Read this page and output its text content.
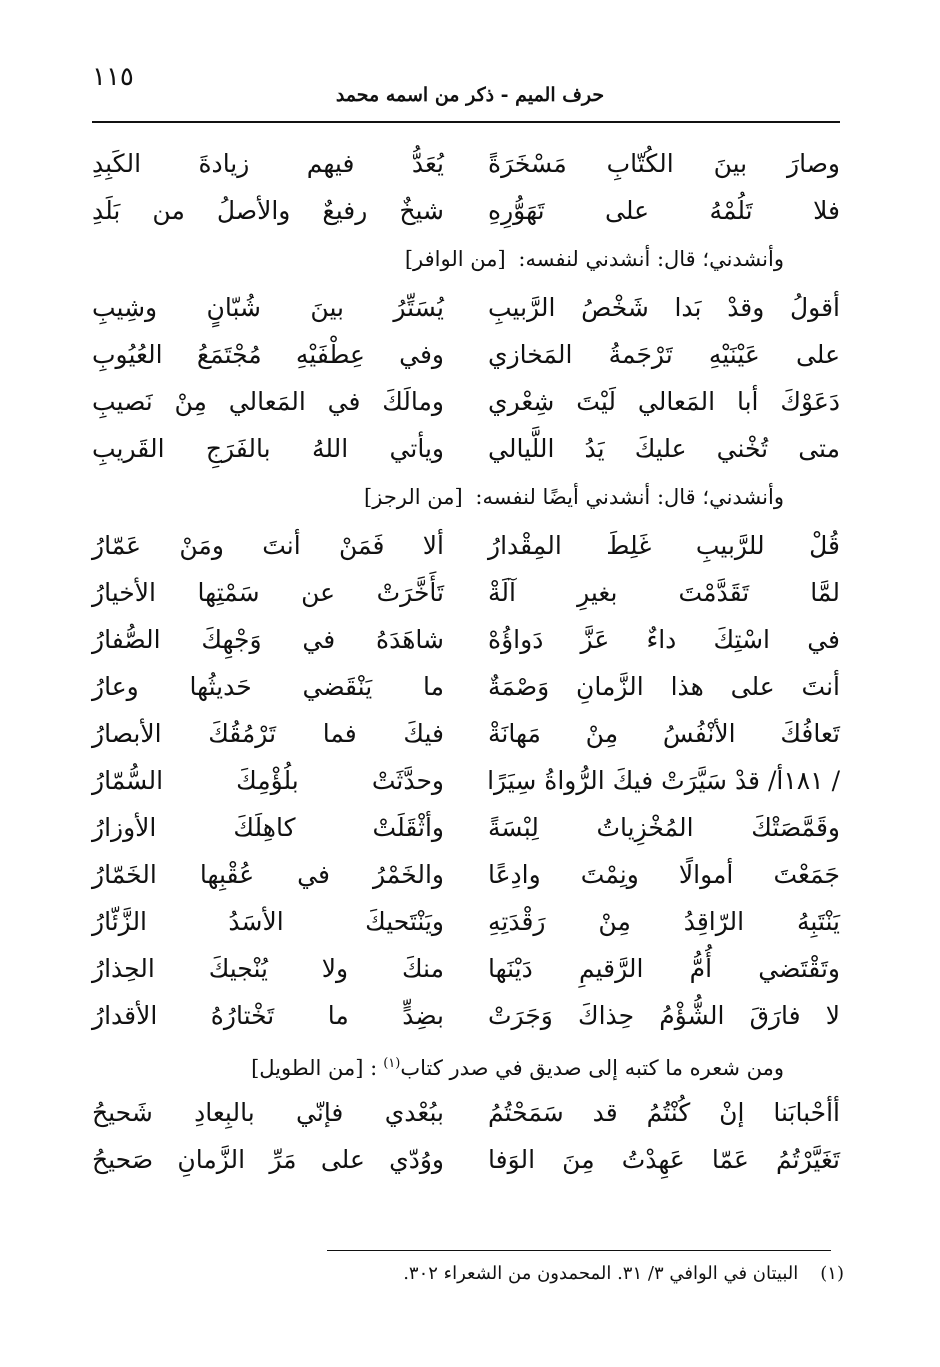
١١٥
حرف الميم - ذكر من اسمه محمد
وصارَ بينَ الكُتّابِ مَسْخَرَةً
يُعَدُّ فيهم زيادةَ الكَبِدِ
فلا تَلُمْهُ على تَهَوُّرِهِ
شيخٌ رفيعٌ والأصلُ من بَلَدِ
وأنشدني؛ قال: أنشدني لنفسه: [من الوافر]
أقولُ وقدْ بَدا شَخْصُ الرَّبيبِ
يُسَتِّرُ بينَ شُبّانٍ وشِيبِ
على عَيْنَيْهِ تَرْجَمةُ المَخازي
وفي عِطْفَيْهِ مُجْتَمَعُ العُيُوبِ
دَعَوْكَ أبا المَعالي لَيْتَ شِعْري
ومالَكَ في المَعالي مِنْ نَصيبِ
متى تُخْني عليكَ يَدُ اللَّيالي
ويأتي اللهُ بالفَرَجِ القَريبِ
وأنشدني؛ قال: أنشدني أيضًا لنفسه: [من الرجز]
قُلْ للرَّبيبِ غَلِطَ المِقْدارُ
ألا فَمَنْ أنتَ ومَنْ عَمّارُ
لمَّا تَقَدَّمْتَ بغيرِ آلَةْ
تَأَخَّرَتْ عن سَمْتِها الأخيارُ
في اسْتِكَ داءٌ عَزَّ دَواؤُهْ
شاهَدَهُ في وَجْهِكَ الصُّفارُ
أنتَ على هذا الزَّمانِ وَصْمَةٌ
ما يَنْقَضي حَديثُها وعارُ
تَعافُكَ الأنْفُسُ مِنْ مَهانَةْ
فيكَ فما تَرْمُقُكَ الأبصارُ
/ ١٨١أ/ قدْ سَيَّرَتْ فيكَ الرُّواةُ سِيَرًا
وحدَّثَتْ بلُؤْمِكَ السُّمّارُ
وقَمَّصَتْكَ المُخْزِياتُ لِبْسَةً
وأثْقَلَتْ كاهِلَكَ الأوزارُ
جَمَعْتَ أموالًا ونِمْتَ وادِعًا
والخَمْرُ في عُقْبِها الخَمّارُ
يَنْتَبِهُ الرّاقِدُ مِنْ رَقْدَتِهِ
ويَنْتَحيكَ الأسَدُ الزَّئّارُ
وتَقْتَضي أُمُّ الرَّقيمِ دَيْنَها
منكَ ولا يُنْجيكَ الحِذارُ
لا فارَقَ الشُّؤْمُ حِذاكَ وَجَرَتْ
بضِدٍّ ما تَخْتارُهُ الأقدارُ
ومن شعره ما كتبه إلى صديق في صدر كتاب$^{(١)}$: [من الطويل]
أأحْبابَنا إنْ كُنْتُمُ قد سَمَحْتُمُ
ببُعْدي فإنّي بالبِعادِ شَحيحُ
تَغَيَّرْتُمُ عَمّا عَهِدْتُ مِنَ الوَفا
ووُدّي على مَرِّ الزَّمانِ صَحيحُ
(١)البيتان في الوافي ٣/ ٣١. المحمدون من الشعراء ٣٠٢.
